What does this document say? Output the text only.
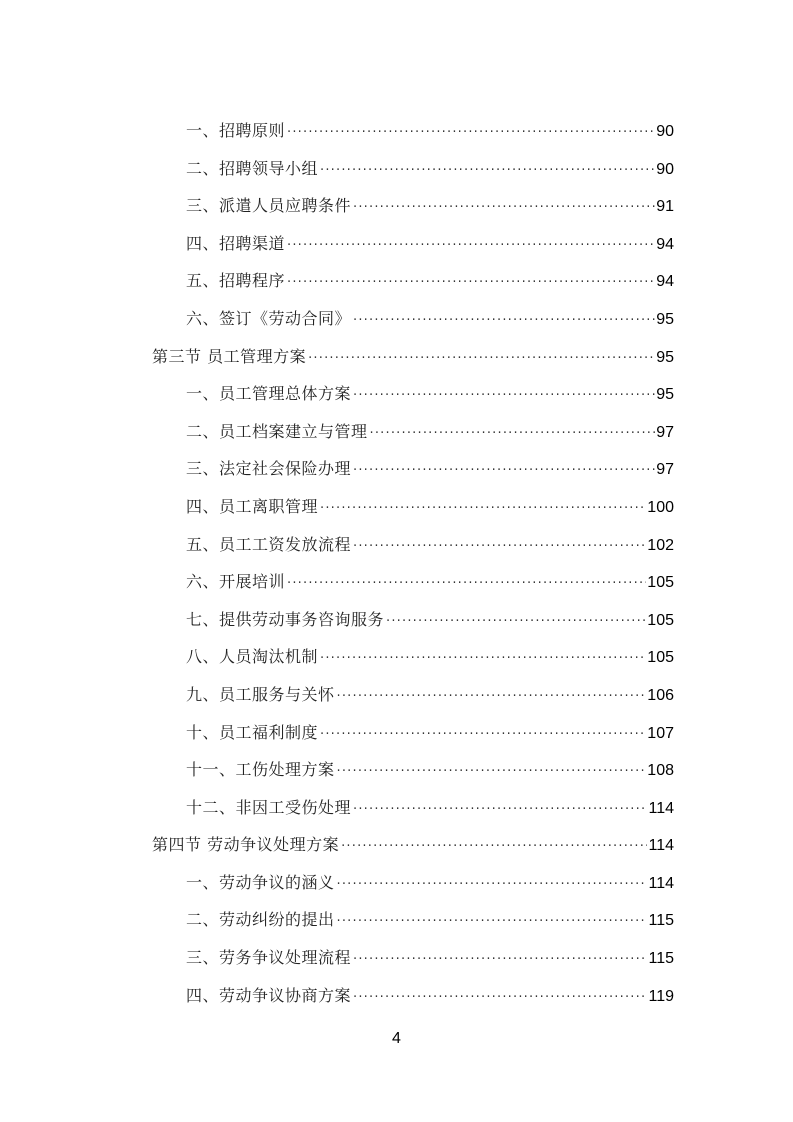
一、招聘原则 ·····	90
二、招聘领导小组 ·····	90
三、派遣人员应聘条件 ·····	91
四、招聘渠道 ·····	94
五、招聘程序 ·····	94
六、签订《劳动合同》 ·····	95
第三节 员工管理方案 ·····	95
一、员工管理总体方案 ·····	95
二、员工档案建立与管理 ·····	97
三、法定社会保险办理 ·····	97
四、员工离职管理 ·····	100
五、员工工资发放流程 ·····	102
六、开展培训 ·····	105
七、提供劳动事务咨询服务 ·····	105
八、人员淘汰机制 ·····	105
九、员工服务与关怀 ·····	106
十、员工福利制度 ·····	107
十一、工伤处理方案 ·····	108
十二、非因工受伤处理 ·····	114
第四节 劳动争议处理方案 ·····	114
一、劳动争议的涵义 ·····	114
二、劳动纠纷的提出 ·····	115
三、劳务争议处理流程 ·····	115
四、劳动争议协商方案 ·····	119
4
